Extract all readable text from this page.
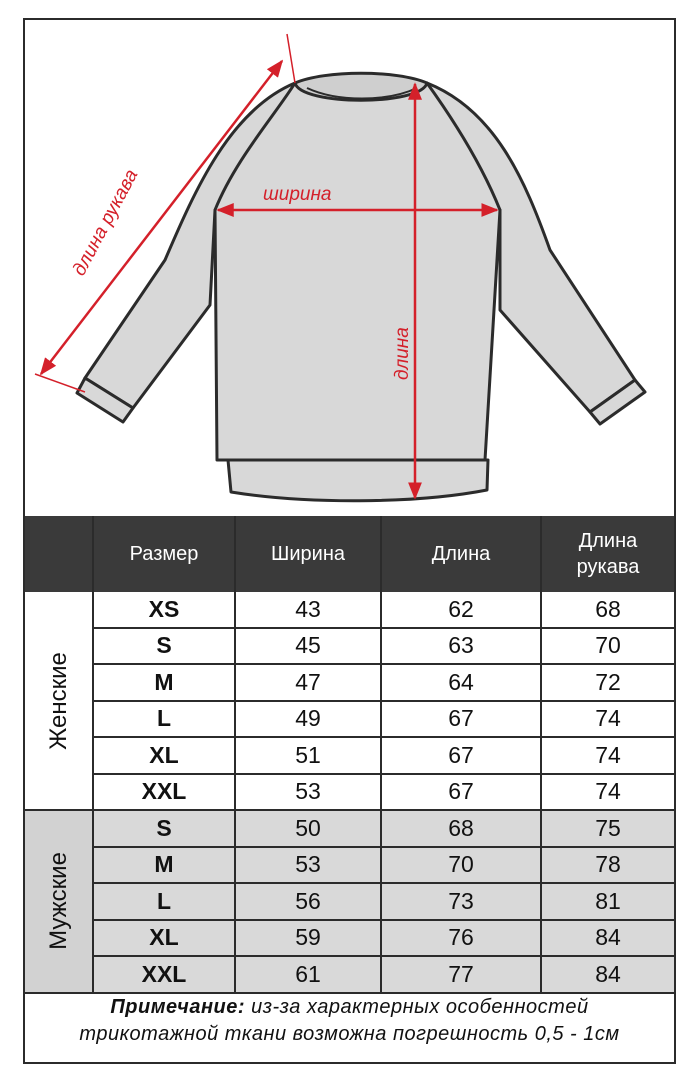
ширина
длина
длина рукава
	Размер	Ширина	Длина	Длина рукава

Женские	XS	43	62	68
	S	45	63	70
	M	47	64	72
	L	49	67	74
	XL	51	67	74
	XXL	53	67	74

Мужские	S	50	68	75
	M	53	70	78
	L	56	73	81
	XL	59	76	84
	XXL	61	77	84
Примечание: из-за характерных особенностей
трикотажной ткани возможна погрешность 0,5 - 1см
